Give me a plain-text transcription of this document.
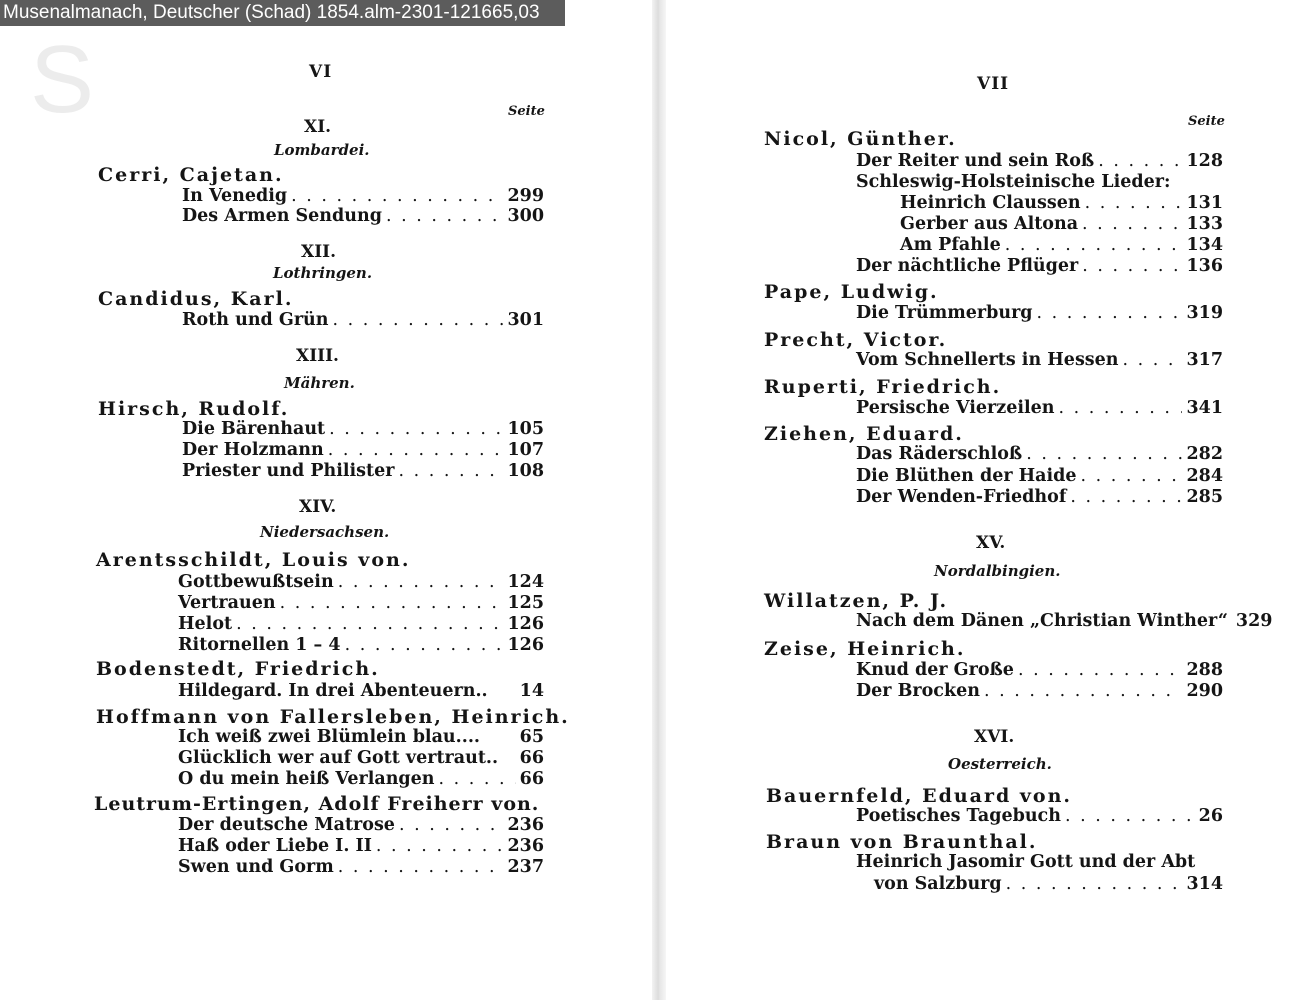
Musenalmanach, Deutscher (Schad) 1854.alm-2301-121665,03
S	VI
Seite
XI.
Lombardei.
Cerri, Cajetan.
In Venedig . . .	299
Des Armen Sendung . . .	300
XII.
Lothringen.
Candidus, Karl.
Roth und Grün . . .	301
XIII.
Mähren.
Hirsch, Rudolf.
Die Bärenhaut . . .	105
Der Holzmann . . .	107
Priester und Philister . . .	108
XIV.
Niedersachsen.
Arentsschildt, Louis von.
Gottbewußtsein . . .	124
Vertrauen . . .	125
Helot . . .	126
Ritornellen 1 – 4 . . .	126
Bodenstedt, Friedrich.
Hildegard. In drei Abenteuern.. 14
Hoffmann von Fallersleben, Heinrich.
Ich weiß zwei Blümlein blau.... 65
Glücklich wer auf Gott vertraut.. 66
O du mein heiß Verlangen . . .	66
Leutrum-Ertingen, Adolf Freiherr von.
Der deutsche Matrose . . .	236
Haß oder Liebe I. II . . .	236
Swen und Gorm . . .	237
VII
Seite
Nicol, Günther.
Der Reiter und sein Roß . . .	128
Schleswig-Holsteinische Lieder:
Heinrich Claussen . . .	131
Gerber aus Altona . . .	133
Am Pfahle . . .	134
Der nächtliche Pflüger . . .	136
Pape, Ludwig.
Die Trümmerburg . . .	319
Precht, Victor.
Vom Schnellerts in Hessen . . .	317
Ruperti, Friedrich.
Persische Vierzeilen . . .	341
Ziehen, Eduard.
Das Räderschloß . . .	282
Die Blüthen der Haide . . .	284
Der Wenden-Friedhof . . .	285
XV.
Nordalbingien.
Willatzen, P. J.
Nach dem Dänen „Christian Winther“ 329
Zeise, Heinrich.
Knud der Große . . .	288
Der Brocken . . .	290
XVI.
Oesterreich.
Bauernfeld, Eduard von.
Poetisches Tagebuch . . .	26
Braun von Braunthal.
Heinrich Jasomir Gott und der Abt
von Salzburg . . .	314
